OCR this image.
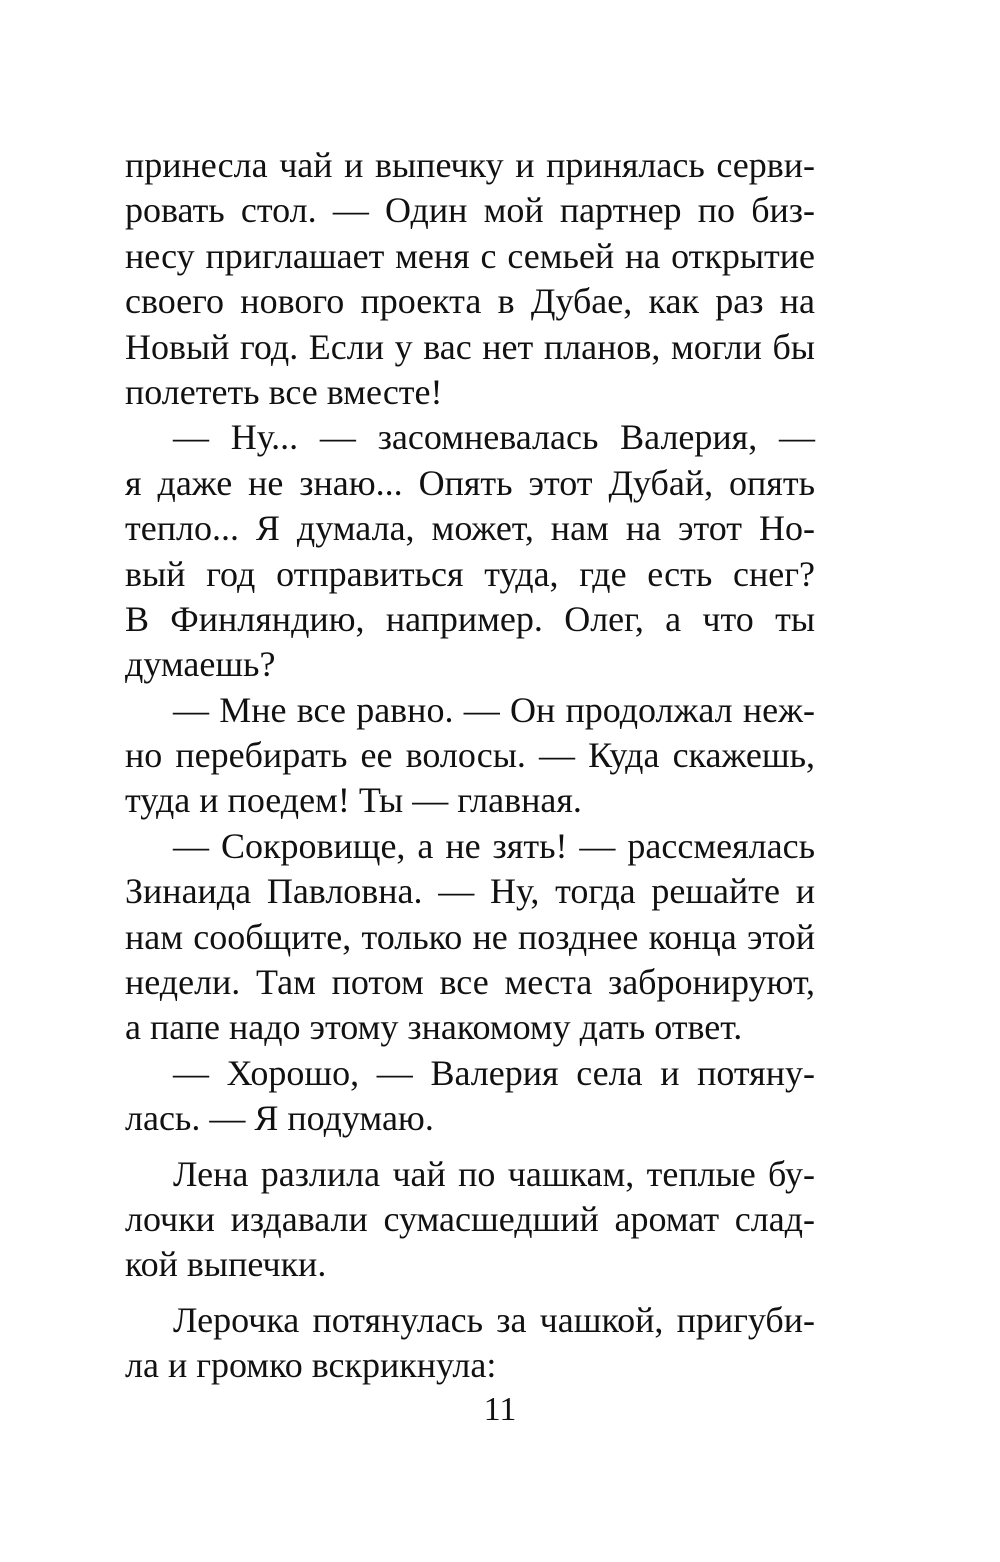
принесла чай и выпечку и принялась серви-
ровать стол. — Один мой партнер по биз-
несу приглашает меня с семьей на открытие
своего нового проекта в Дубае, как раз на
Новый год. Если у вас нет планов, могли бы
полететь все вместе!
— Ну... — засомневалась Валерия, —
я даже не знаю... Опять этот Дубай, опять
тепло... Я думала, может, нам на этот Но-
вый год отправиться туда, где есть снег?
В Финляндию, например. Олег, а что ты
думаешь?
— Мне все равно. — Он продолжал неж-
но перебирать ее волосы. — Куда скажешь,
туда и поедем! Ты — главная.
— Сокровище, а не зять! — рассмеялась
Зинаида Павловна. — Ну, тогда решайте и
нам сообщите, только не позднее конца этой
недели. Там потом все места забронируют,
а папе надо этому знакомому дать ответ.
— Хорошо, — Валерия села и потяну-
лась. — Я подумаю.
Лена разлила чай по чашкам, теплые бу-
лочки издавали сумасшедший аромат слад-
кой выпечки.
Лерочка потянулась за чашкой, пригуби-
ла и громко вскрикнула:
11
